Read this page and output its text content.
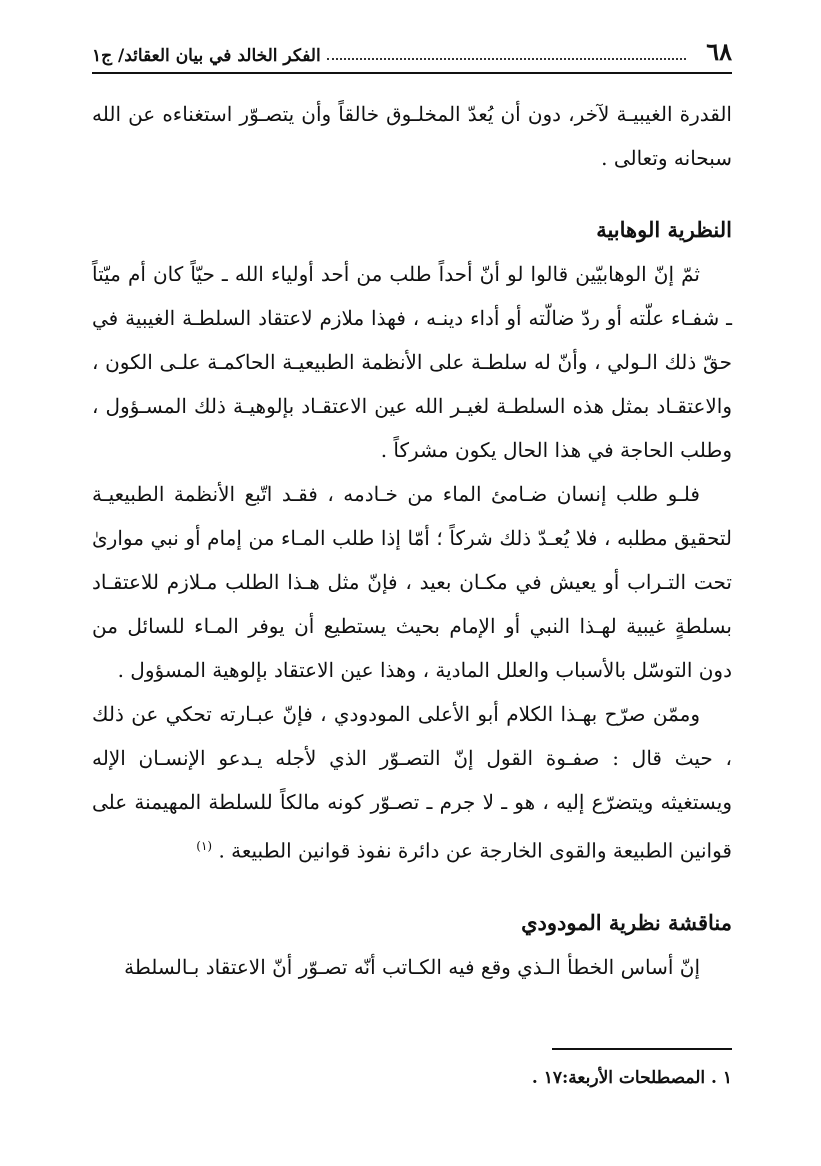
٦٨
الفكر الخالد في بيان العقائد/ ج١

القدرة الغيبيـة لآخر، دون أن يُعدّ المخلـوق خالقاً وأن يتصـوّر استغناءه عن الله سبحانه وتعالى .

النظرية الوهابية

ثمّ إنّ الوهابيّين قالوا لو أنّ أحداً طلب من أحد أولياء الله ـ حيّاً كان أم ميّتاً ـ شفـاء علّته أو ردّ ضالّته أو أداء دينـه ، فهذا ملازم لاعتقاد السلطـة الغيبية في حقّ ذلك الـولي ، وأنّ له سلطـة على الأنظمة الطبيعيـة الحاكمـة علـى الكون ، والاعتقـاد بمثل هذه السلطـة لغيـر الله عين الاعتقـاد بإلوهيـة ذلك المسـؤول ، وطلب الحاجة في هذا الحال يكون مشركاً .

فلـو طلب إنسان ضـامئ الماء من خـادمه ، فقـد اتّبع الأنظمة الطبيعيـة لتحقيق مطلبه ، فلا يُعـدّ ذلك شركاً ؛ أمّا إذا طلب المـاء من إمام أو نبي موارىٰ تحت التـراب أو يعيش في مكـان بعيد ، فإنّ مثل هـذا الطلب مـلازم للاعتقـاد بسلطةٍ غيبية لهـذا النبي أو الإمام بحيث يستطيع أن يوفر المـاء للسائل من دون التوسّل بالأسباب والعلل المادية ، وهذا عين الاعتقاد بإلوهية المسؤول .

وممّن صرّح بهـذا الكلام أبو الأعلى المودودي ، فإنّ عبـارته تحكي عن ذلك ، حيث قال : صفـوة القول إنّ التصـوّر الذي لأجله يـدعو الإنسـان الإله ويستغيثه ويتضرّع إليه ، هو ـ لا جرم ـ تصـوّر كونه مالكاً للسلطة المهيمنة على قوانين الطبيعة والقوى الخارجة عن دائرة نفوذ قوانين الطبيعة . $^{(١)}$

مناقشة نظرية المودودي

إنّ أساس الخطأ الـذي وقع فيه الكـاتب أنّه تصـوّر أنّ الاعتقاد بـالسلطة

١ . المصطلحات الأربعة:١٧ .
